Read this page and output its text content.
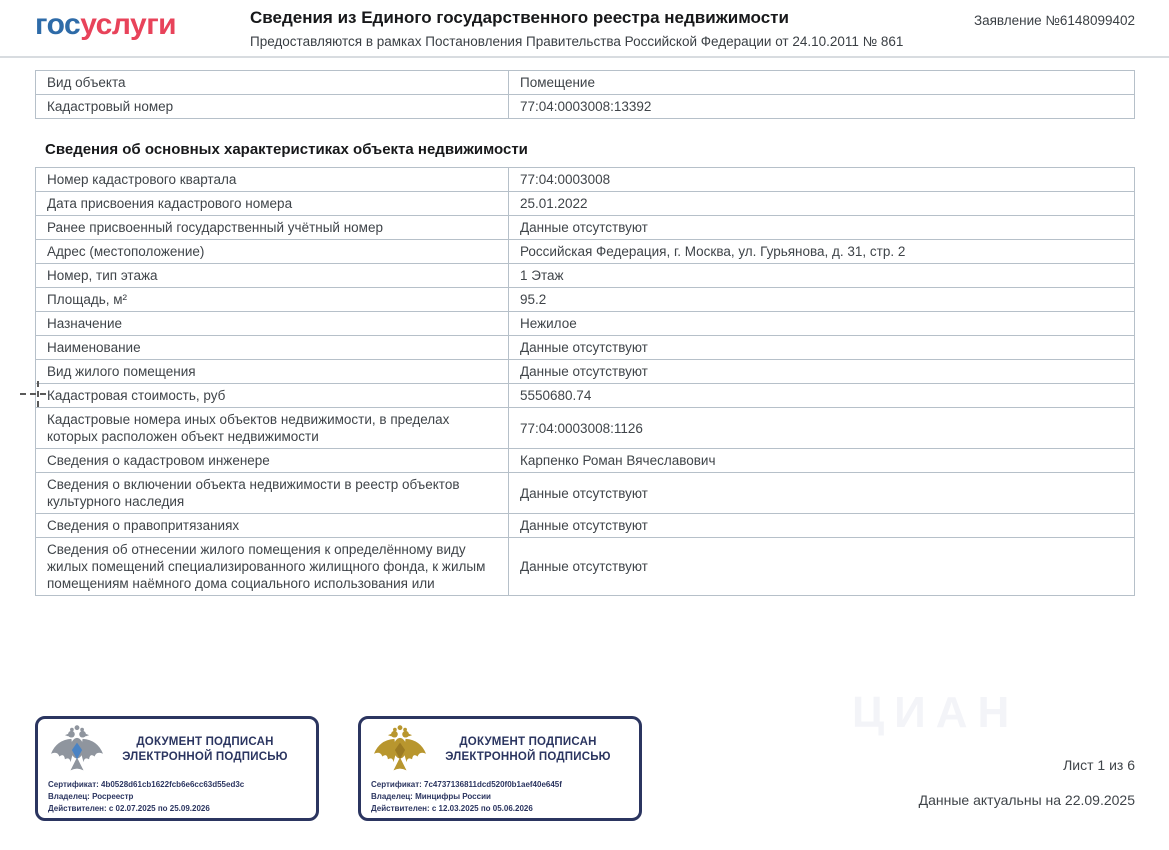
госуслуги	Сведения из Единого государственного реестра недвижимости
Предоставляются в рамках Постановления Правительства Российской Федерации от 24.10.2011 № 861
Заявление №6148099402
Вид объекта	Помещение
Кадастровый номер	77:04:0003008:13392
Сведения об основных характеристиках объекта недвижимости
Номер кадастрового квартала	77:04:0003008
Дата присвоения кадастрового номера	25.01.2022
Ранее присвоенный государственный учётный номер	Данные отсутствуют
Адрес (местоположение)	Российская Федерация, г. Москва, ул. Гурьянова, д. 31, стр. 2
Номер, тип этажа	1 Этаж
Площадь, м²	95.2
Назначение	Нежилое
Наименование	Данные отсутствуют
Вид жилого помещения	Данные отсутствуют
Кадастровая стоимость, руб	5550680.74
Кадастровые номера иных объектов недвижимости, в пределах которых расположен объект недвижимости	77:04:0003008:1126
Сведения о кадастровом инженере	Карпенко Роман Вячеславович
Сведения о включении объекта недвижимости в реестр объектов культурного наследия	Данные отсутствуют
Сведения о правопритязаниях	Данные отсутствуют
Сведения об отнесении жилого помещения к определённому виду жилых помещений специализированного жилищного фонда, к жилым помещениям наёмного дома социального использования или	Данные отсутствуют
ЦИАН
ДОКУМЕНТ ПОДПИСАН ЭЛЕКТРОННОЙ ПОДПИСЬЮ
Сертификат: 4b0528d61cb1622fcb6e6cc63d55ed3c
Владелец: Росреестр
Действителен: с 02.07.2025 по 25.09.2026
ДОКУМЕНТ ПОДПИСАН ЭЛЕКТРОННОЙ ПОДПИСЬЮ
Сертификат: 7c4737136811dcd520f0b1aef40e645f
Владелец: Минцифры России
Действителен: с 12.03.2025 по 05.06.2026
Лист 1 из 6
Данные актуальны на 22.09.2025
